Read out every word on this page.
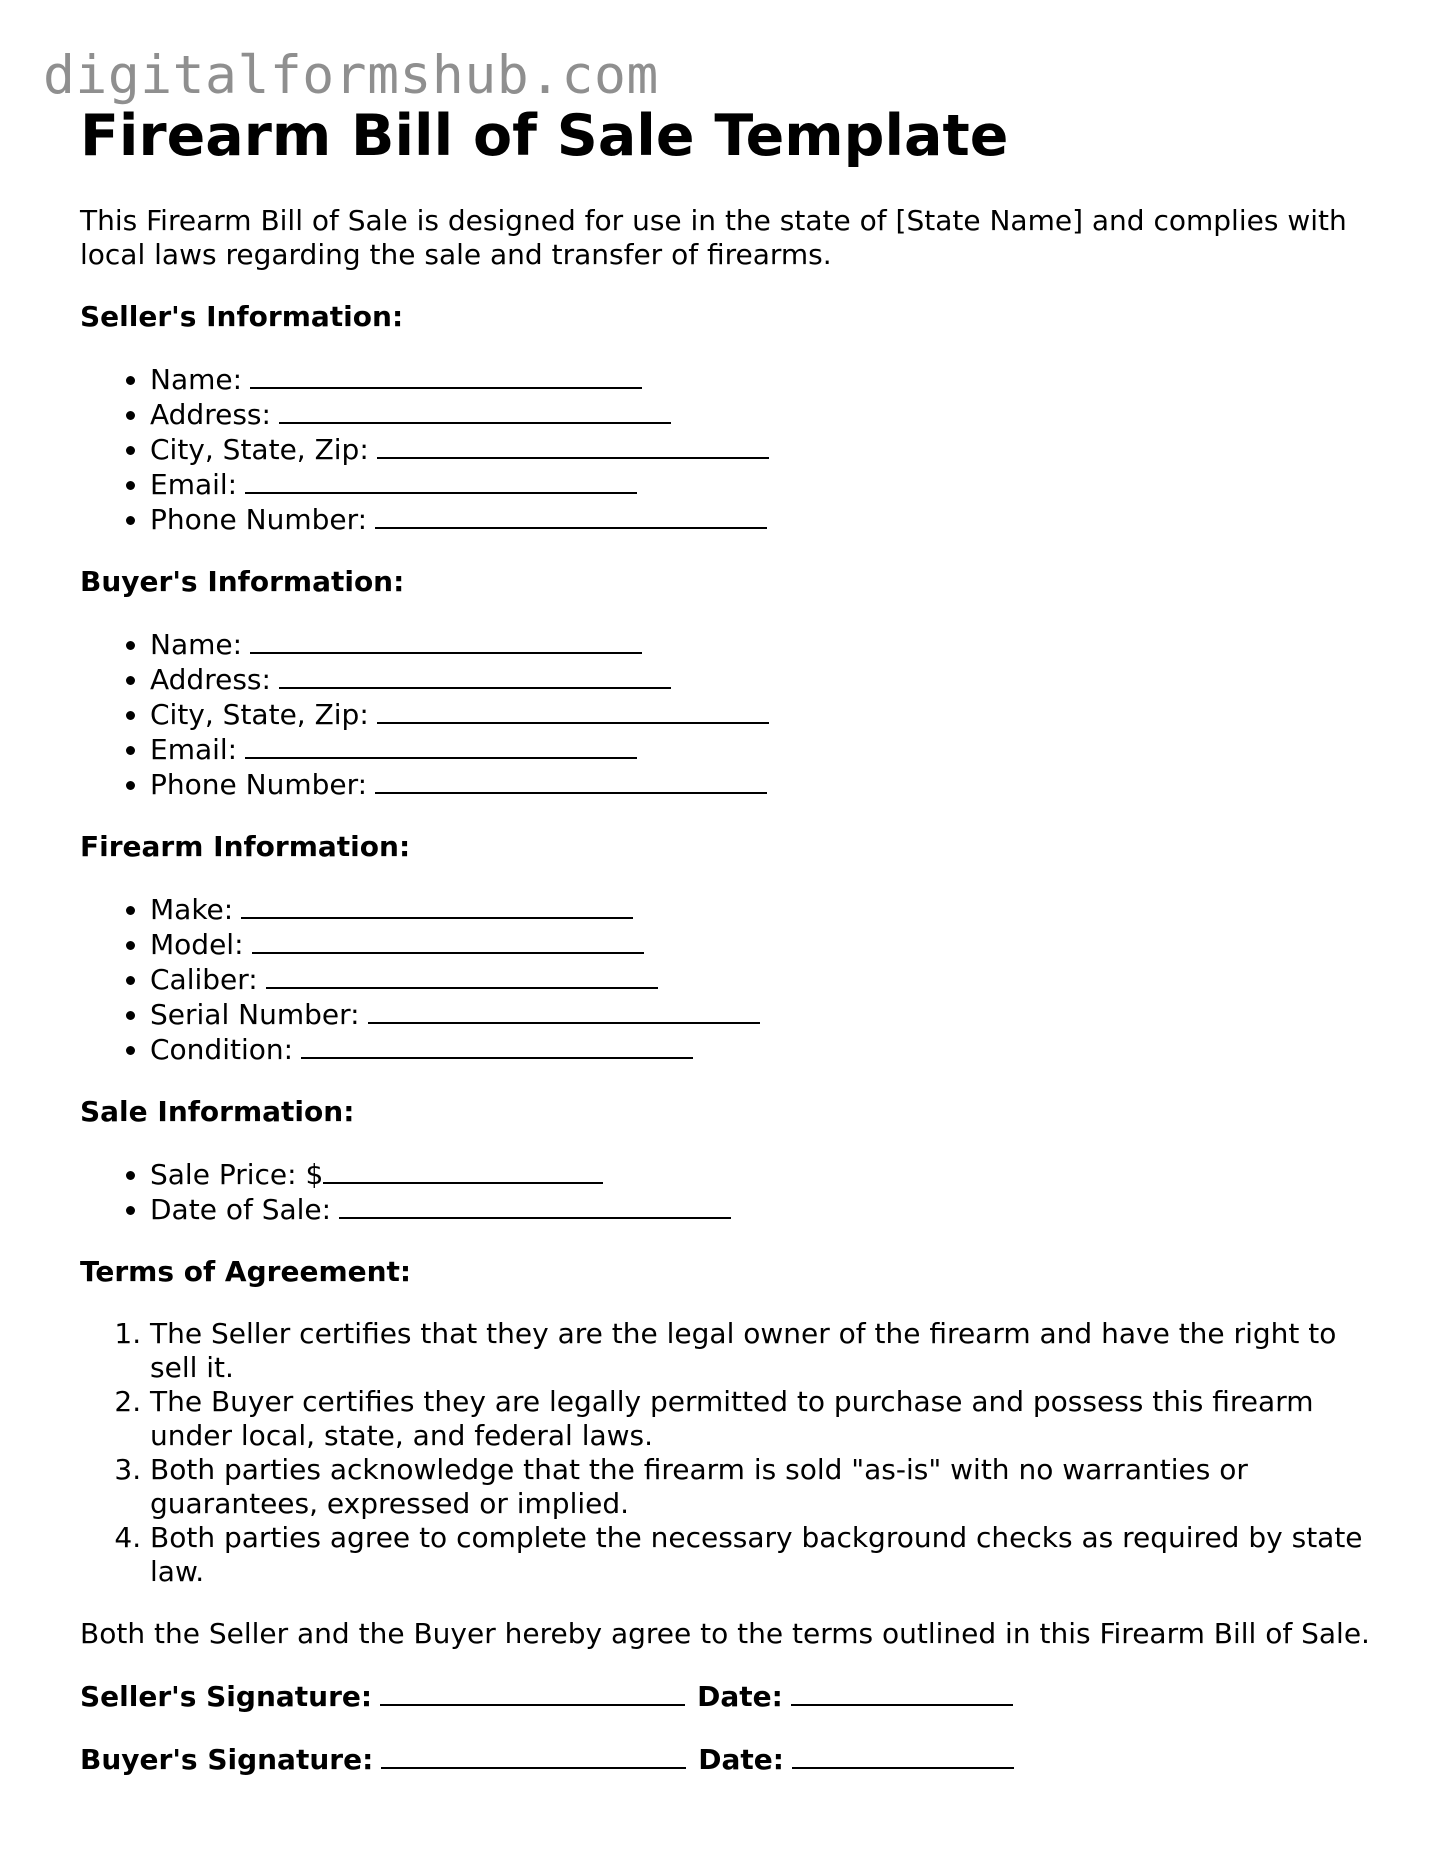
digitalformshub.com
Firearm Bill of Sale Template

This Firearm Bill of Sale is designed for use in the state of [State Name] and complies with local laws regarding the sale and transfer of firearms.

Seller's Information:

• Name:
• Address:
• City, State, Zip:
• Email:
• Phone Number:

Buyer's Information:

• Name:
• Address:
• City, State, Zip:
• Email:
• Phone Number:

Firearm Information:

• Make:
• Model:
• Caliber:
• Serial Number:
• Condition:

Sale Information:

• Sale Price: $
• Date of Sale:

Terms of Agreement:

1. The Seller certifies that they are the legal owner of the firearm and have the right to sell it.
2. The Buyer certifies they are legally permitted to purchase and possess this firearm under local, state, and federal laws.
3. Both parties acknowledge that the firearm is sold "as-is" with no warranties or guarantees, expressed or implied.
4. Both parties agree to complete the necessary background checks as required by state law.

Both the Seller and the Buyer hereby agree to the terms outlined in this Firearm Bill of Sale.

Seller's Signature:	Date:

Buyer's Signature:	Date:
